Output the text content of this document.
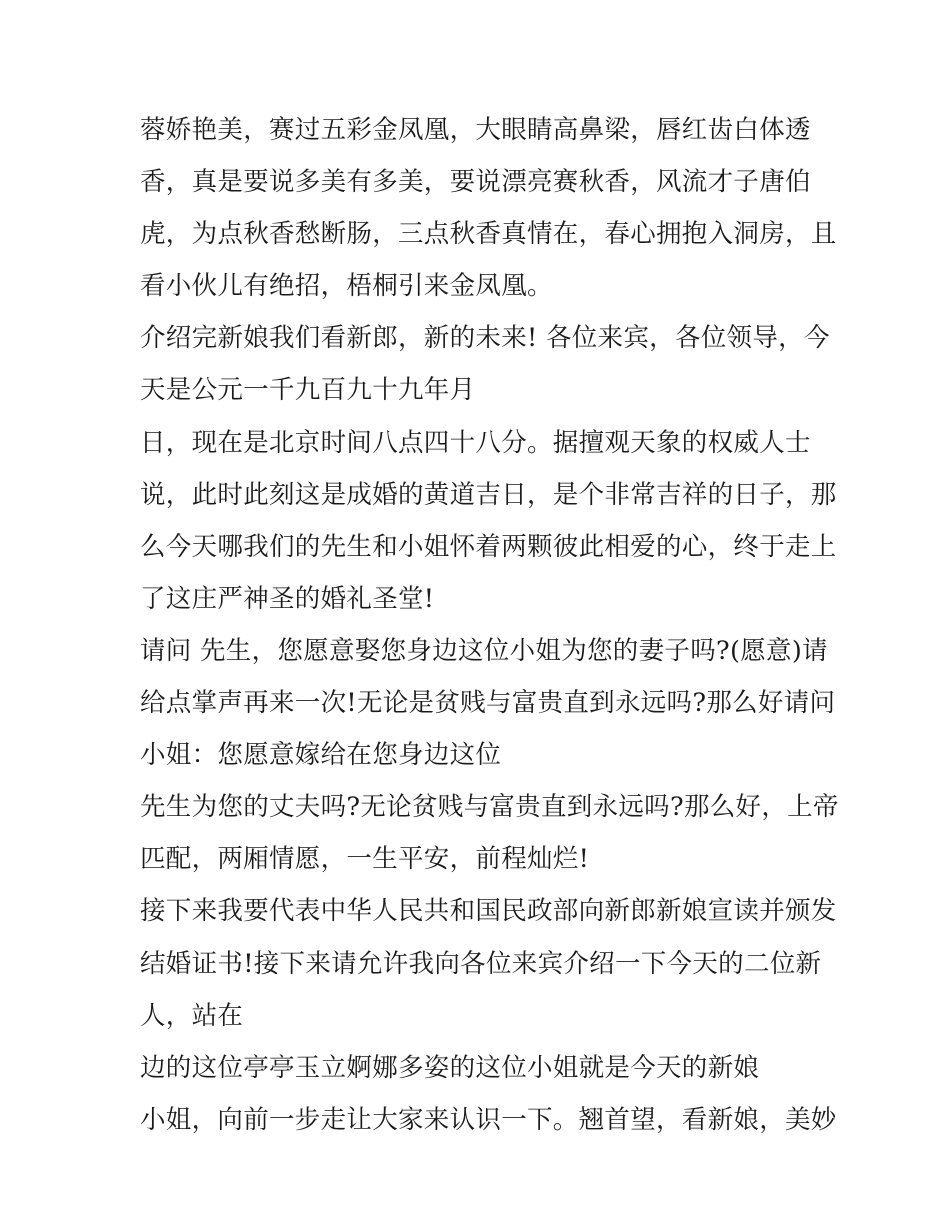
蓉娇艳美，赛过五彩金凤凰，大眼睛高鼻梁，唇红齿白体透
香，真是要说多美有多美，要说漂亮赛秋香，风流才子唐伯
虎，为点秋香愁断肠，三点秋香真情在，春心拥抱入洞房，且
看小伙儿有绝招，梧桐引来金凤凰。
介绍完新娘我们看新郎，新的未来! 各位来宾，各位领导，今
天是公元一千九百九十九年月
日，现在是北京时间八点四十八分。据擅观天象的权威人士
说，此时此刻这是成婚的黄道吉日，是个非常吉祥的日子，那
么今天哪我们的先生和小姐怀着两颗彼此相爱的心，终于走上
了这庄严神圣的婚礼圣堂!
请问 先生，您愿意娶您身边这位小姐为您的妻子吗?(愿意)请
给点掌声再来一次!无论是贫贱与富贵直到永远吗?那么好请问
小姐：您愿意嫁给在您身边这位
先生为您的丈夫吗?无论贫贱与富贵直到永远吗?那么好，上帝
匹配，两厢情愿，一生平安，前程灿烂!
接下来我要代表中华人民共和国民政部向新郎新娘宣读并颁发
结婚证书!接下来请允许我向各位来宾介绍一下今天的二位新
人，站在
边的这位亭亭玉立婀娜多姿的这位小姐就是今天的新娘
小姐，向前一步走让大家来认识一下。翘首望，看新娘，美妙
